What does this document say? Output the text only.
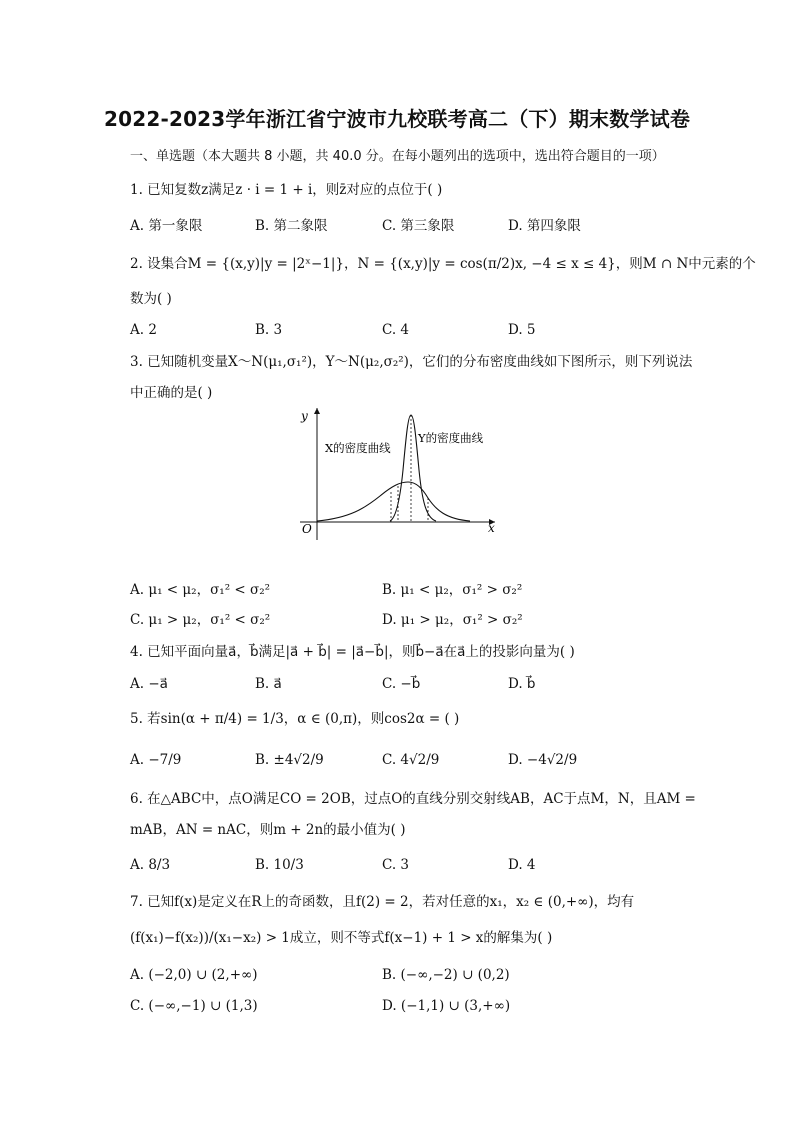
2022-2023学年浙江省宁波市九校联考高二（下）期末数学试卷
一、单选题（本大题共 8 小题，共 40.0 分。在每小题列出的选项中，选出符合题目的一项）
1. 已知复数z满足z · i = 1 + i，则z̄对应的点位于( )
A. 第一象限	B. 第二象限	C. 第三象限	D. 第四象限
2. 设集合M = {(x,y)|y = |2ˣ−1|}，N = {(x,y)|y = cos(π/2)x, −4 ≤ x ≤ 4}，则M ∩ N中元素的个
数为( )
A. 2	B. 3	C. 4	D. 5
3. 已知随机变量X～N(μ₁,σ₁²)，Y～N(μ₂,σ₂²)，它们的分布密度曲线如下图所示，则下列说法
中正确的是( )
y
x
O
X的密度曲线
Y的密度曲线
A. μ₁ < μ₂，σ₁² < σ₂²	B. μ₁ < μ₂，σ₁² > σ₂²
C. μ₁ > μ₂，σ₁² < σ₂²	D. μ₁ > μ₂，σ₁² > σ₂²
4. 已知平面向量a⃗，b⃗满足|a⃗ + b⃗| = |a⃗−b⃗|，则b⃗−a⃗在a⃗上的投影向量为( )
A. −a⃗	B. a⃗	C. −b⃗	D. b⃗
5. 若sin(α + π/4) = 1/3，α ∈ (0,π)，则cos2α = ( )
A. −7/9	B. ±4√2/9	C. 4√2/9	D. −4√2/9
6. 在△ABC中，点O满足CO = 2OB，过点O的直线分别交射线AB，AC于点M，N，且AM =
mAB，AN = nAC，则m + 2n的最小值为( )
A. 8/3	B. 10/3	C. 3	D. 4
7. 已知f(x)是定义在R上的奇函数，且f(2) = 2，若对任意的x₁，x₂ ∈ (0,+∞)，均有
(f(x₁)−f(x₂))/(x₁−x₂) > 1成立，则不等式f(x−1) + 1 > x的解集为( )
A. (−2,0) ∪ (2,+∞)	B. (−∞,−2) ∪ (0,2)
C. (−∞,−1) ∪ (1,3)	D. (−1,1) ∪ (3,+∞)
